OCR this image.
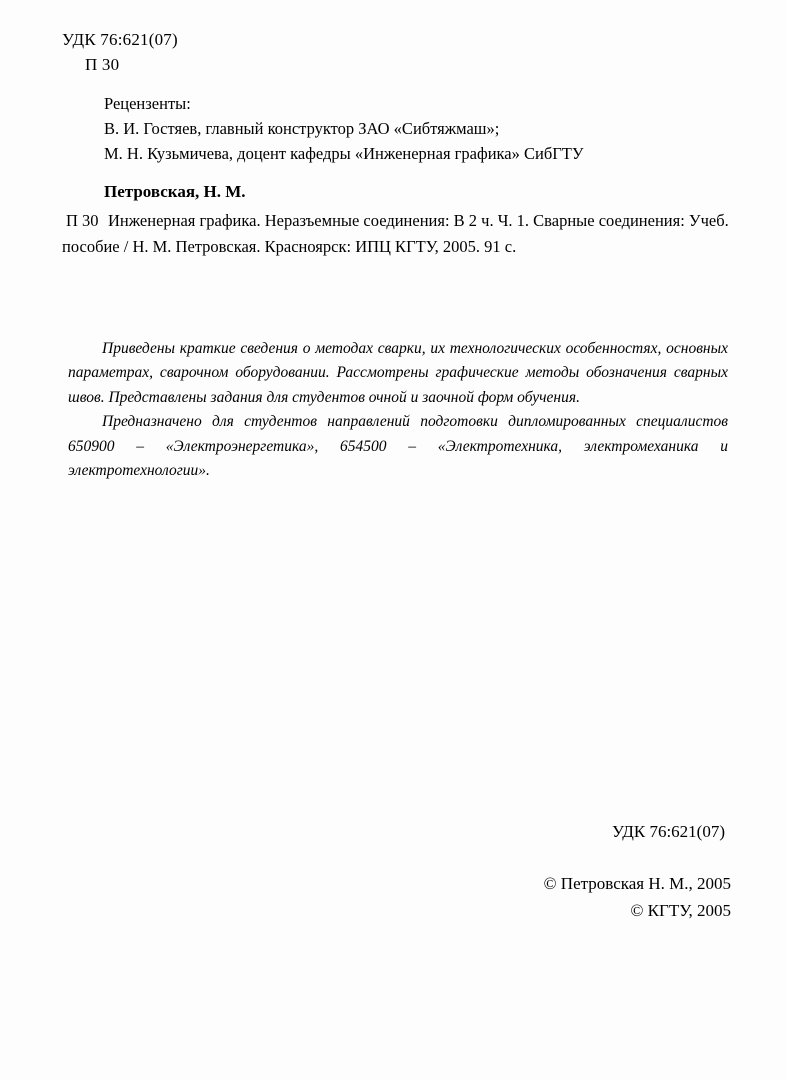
УДК 76:621(07)
П 30
Рецензенты:
В. И. Гостяев, главный конструктор ЗАО «Сибтяжмаш»;
М. Н. Кузьмичева, доцент кафедры «Инженерная графика» СибГТУ
Петровская, Н. М.
П 30 Инженерная графика. Неразъемные соединения: В 2 ч. Ч. 1. Сварные соединения: Учеб. пособие / Н. М. Петровская. Красноярск: ИПЦ КГТУ, 2005. 91 с.

Приведены краткие сведения о методах сварки, их технологических особенностях, основных параметрах, сварочном оборудовании. Рассмотрены графические методы обозначения сварных швов. Представлены задания для студентов очной и заочной форм обучения.

Предназначено для студентов направлений подготовки дипломированных специалистов 650900 – «Электроэнергетика», 654500 – «Электротехника, электромеханика и электротехнологии».

УДК 76:621(07)
© Петровская Н. М., 2005
© КГТУ, 2005
